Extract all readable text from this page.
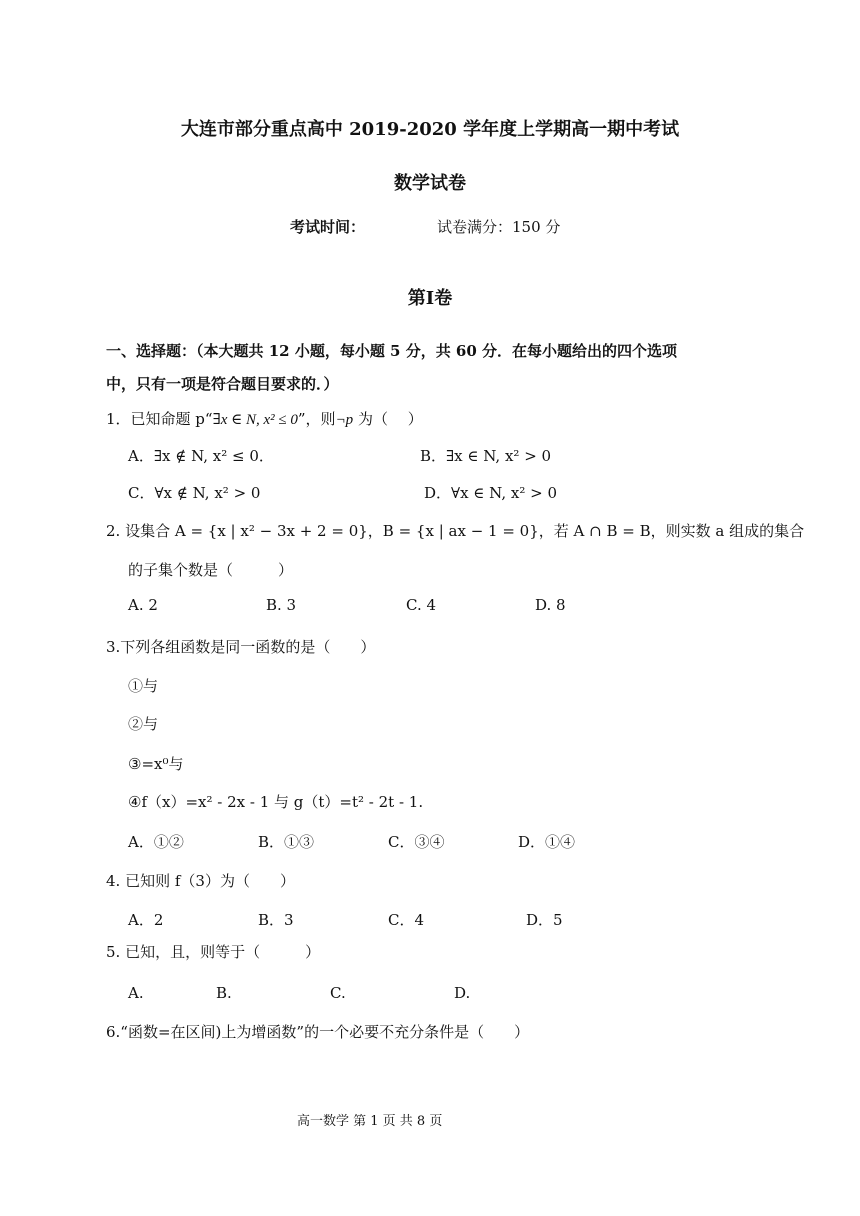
大连市部分重点高中 2019-2020 学年度上学期高一期中考试
数学试卷
考试时间：	试卷满分：150 分
第Ⅰ卷
一、选择题：（本大题共 12 小题，每小题 5 分，共 60 分．在每小题给出的四个选项
中，只有一项是符合题目要求的．）
1．已知命题 p“∃x ∈ N, x² ≤ 0”，则¬p 为（　 ）
A．∃x ∉ N, x² ≤ 0．	B．∃x ∈ N, x² > 0
C．∀x ∉ N, x² > 0	D．∀x ∈ N, x² > 0
2. 设集合 A = {x | x² − 3x + 2 = 0}，B = {x | ax − 1 = 0}，若 A ∩ B = B，则实数 a 组成的集合
的子集个数是（　　　）
A. 2	B. 3	C. 4	D. 8
3.下列各组函数是同一函数的是（　　）
①与
②与
③=x⁰与
④f（x）=x² - 2x - 1 与 g（t）=t² - 2t - 1.
A．①②	B．①③	C．③④	D．①④
4. 已知则 f（3）为（　　）
A．2	B．3	C．4	D．5
5. 已知，且，则等于（　　　）
A.	B.	C.	D.
6.“函数=在区间)上为增函数”的一个必要不充分条件是（　　）
高一数学 第 1 页 共 8 页
